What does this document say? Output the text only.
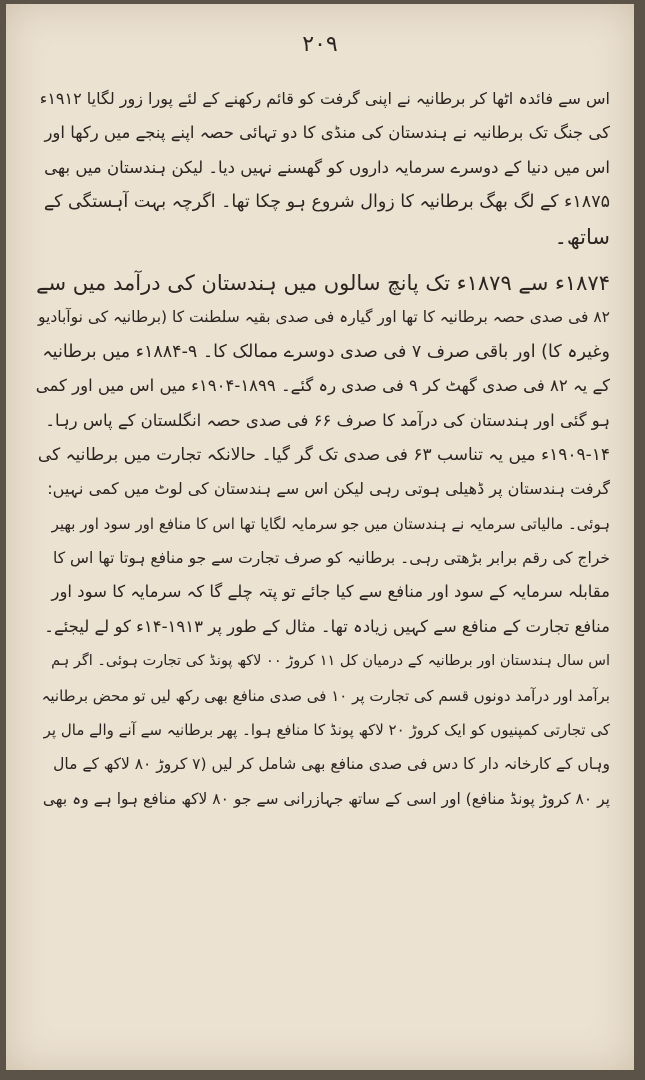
۲۰۹
اس سے فائدہ اٹھا کر برطانیہ نے اپنی گرفت کو قائم رکھنے کے لئے پورا زور لگایا ۱۹۱۲ء
کی جنگ تک برطانیہ نے ہندستان کی منڈی کا دو تہائی حصہ اپنے پنجے میں رکھا اور
اس میں دنیا کے دوسرے سرمایہ داروں کو گھسنے نہیں دیا۔ لیکن ہندستان میں بھی
۱۸۷۵ء کے لگ بھگ برطانیہ کا زوال شروع ہو چکا تھا۔ اگرچہ بہت آہستگی کے
ساتھ۔
۱۸۷۴ء سے ۱۸۷۹ء تک پانچ سالوں میں ہندستان کی درآمد میں سے
۸۲ فی صدی حصہ برطانیہ کا تھا اور گیارہ فی صدی بقیہ سلطنت کا (برطانیہ کی نوآبادیو
وغیرہ کا) اور باقی صرف ۷ فی صدی دوسرے ممالک کا۔ ۹-۱۸۸۴ء میں برطانیہ
کے یہ ۸۲ فی صدی گھٹ کر ۹ فی صدی رہ گئے۔ ۱۸۹۹-۱۹۰۴ء میں اس میں اور کمی
ہو گئی اور ہندستان کی درآمد کا صرف ۶۶ فی صدی حصہ انگلستان کے پاس رہا۔
۱۹۰۹-۱۴ء میں یہ تناسب ۶۳ فی صدی تک گر گیا۔ حالانکہ تجارت میں برطانیہ کی
گرفت ہندستان پر ڈھیلی ہوتی رہی لیکن اس سے ہندستان کی لوٹ میں کمی نہیں:
ہوئی۔ مالیاتی سرمایہ نے ہندستان میں جو سرمایہ لگایا تھا اس کا منافع اور سود اور بھیر
خراج کی رقم برابر بڑھتی رہی۔ برطانیہ کو صرف تجارت سے جو منافع ہوتا تھا اس کا
مقابلہ سرمایہ کے سود اور منافع سے کیا جائے تو پتہ چلے گا کہ سرمایہ کا سود اور
منافع تجارت کے منافع سے کہیں زیادہ تھا۔ مثال کے طور پر ۱۹۱۳-۱۴ء کو لے لیجئے۔
اس سال ہندستان اور برطانیہ کے درمیان کل ۱۱ کروڑ ۰۰ لاکھ پونڈ کی تجارت ہوئی۔ اگر ہم
برآمد اور درآمد دونوں قسم کی تجارت پر ۱۰ فی صدی منافع بھی رکھ لیں تو محض برطانیہ
کی تجارتی کمپنیوں کو ایک کروڑ ۲۰ لاکھ پونڈ کا منافع ہوا۔ پھر برطانیہ سے آنے والے مال پر
وہاں کے کارخانہ دار کا دس فی صدی منافع بھی شامل کر لیں (۷ کروڑ ۸۰ لاکھ کے مال
پر ۸۰ کروڑ پونڈ منافع) اور اسی کے ساتھ جہازرانی سے جو ۸۰ لاکھ منافع ہوا ہے وہ بھی
